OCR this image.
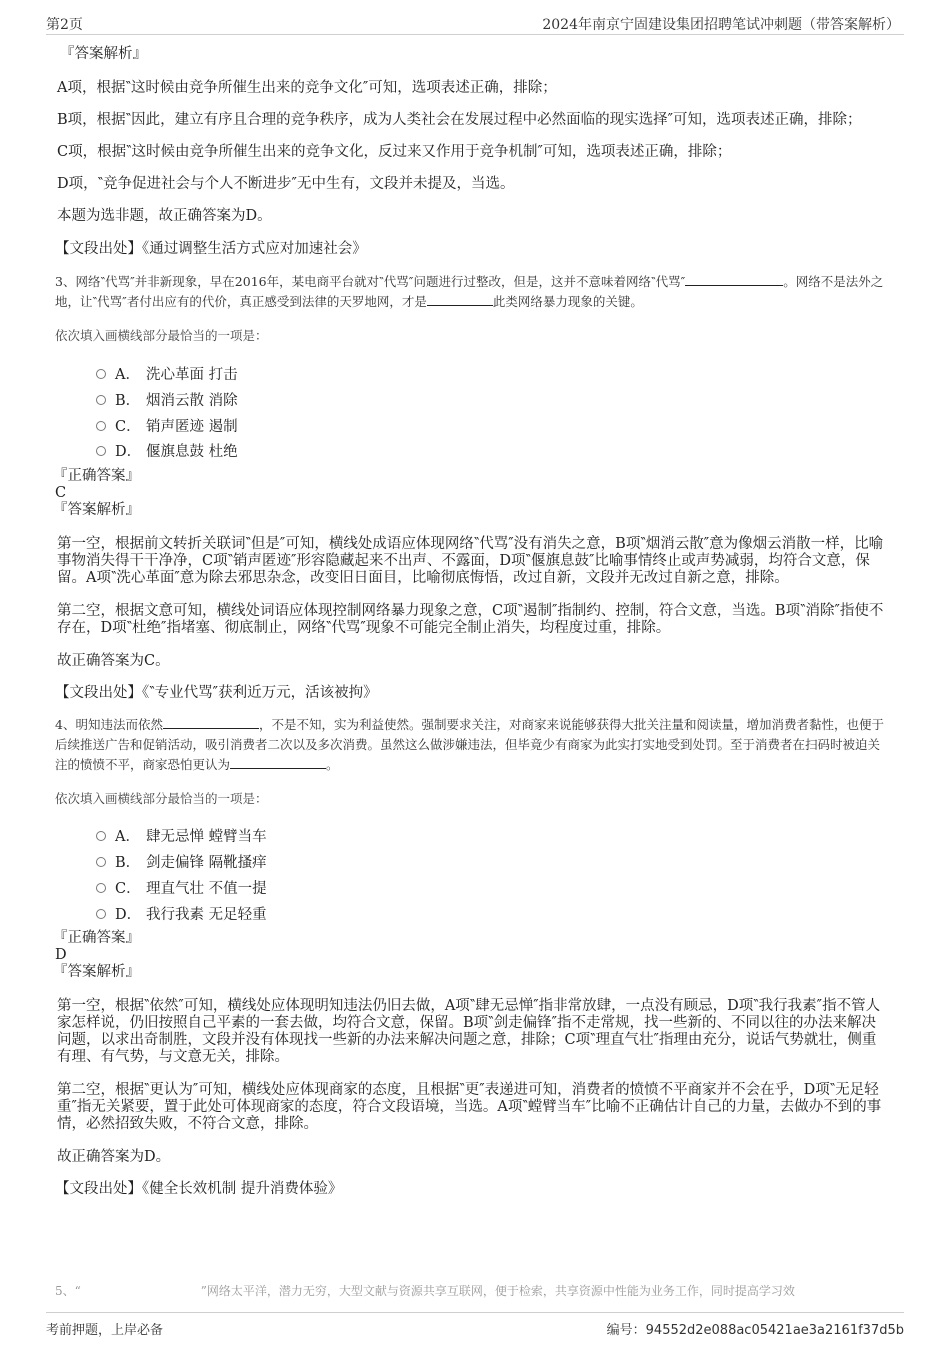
第2页	2024年南京宁固建设集团招聘笔试冲刺题（带答案解析）
『答案解析』
A项，根据‶这时候由竞争所催生出来的竞争文化″可知，选项表述正确，排除；
B项，根据‶因此，建立有序且合理的竞争秩序，成为人类社会在发展过程中必然面临的现实选择″可知，选项表述正确，排除；
C项，根据‶这时候由竞争所催生出来的竞争文化，反过来又作用于竞争机制″可知，选项表述正确，排除；
D项，‶竞争促进社会与个人不断进步″无中生有，文段并未提及，当选。
本题为选非题，故正确答案为D。
【文段出处】《通过调整生活方式应对加速社会》

3、网络‶代骂″并非新现象，早在2016年，某电商平台就对‶代骂″问题进行过整改，但是，这并不意味着网络‶代骂″	。网络不是法外之地，让‶代骂″者付出应有的代价，真正感受到法律的天罗地网，才是	此类网络暴力现象的关键。

依次填入画横线部分最恰当的一项是：

A． 洗心革面 打击
B． 烟消云散 消除
C． 销声匿迹 遏制
D． 偃旗息鼓 杜绝

『正确答案』

C

『答案解析』

第一空，根据前文转折关联词‶但是″可知，横线处成语应体现网络‶代骂″没有消失之意，B项‶烟消云散″意为像烟云消散一样，比喻事物消失得干干净净，C项‶销声匿迹″形容隐藏起来不出声、不露面，D项‶偃旗息鼓″比喻事情终止或声势减弱，均符合文意，保留。A项‶洗心革面″意为除去邪思杂念，改变旧日面目，比喻彻底悔悟，改过自新，文段并无改过自新之意，排除。
第二空，根据文意可知，横线处词语应体现控制网络暴力现象之意，C项‶遏制″指制约、控制，符合文意，当选。B项‶消除″指使不存在，D项‶杜绝″指堵塞、彻底制止，网络‶代骂″现象不可能完全制止消失，均程度过重，排除。
故正确答案为C。
【文段出处】《‶专业代骂″获利近万元，活该被拘》

4、明知违法而依然	，不是不知，实为利益使然。强制要求关注，对商家来说能够获得大批关注量和阅读量，增加消费者黏性，也便于后续推送广告和促销活动，吸引消费者二次以及多次消费。虽然这么做涉嫌违法，但毕竟少有商家为此实打实地受到处罚。至于消费者在扫码时被迫关注的愤愤不平，商家恐怕更认为	。

依次填入画横线部分最恰当的一项是：

A． 肆无忌惮 螳臂当车
B． 剑走偏锋 隔靴搔痒
C． 理直气壮 不值一提
D． 我行我素 无足轻重

『正确答案』

D

『答案解析』

第一空，根据‶依然″可知，横线处应体现明知违法仍旧去做，A项‶肆无忌惮″指非常放肆，一点没有顾忌，D项‶我行我素″指不管人家怎样说，仍旧按照自己平素的一套去做，均符合文意，保留。B项‶剑走偏锋″指不走常规，找一些新的、不同以往的办法来解决问题，以求出奇制胜，文段并没有体现找一些新的办法来解决问题之意，排除；C项‶理直气壮″指理由充分，说话气势就壮，侧重有理、有气势，与文意无关，排除。
第二空，根据‶更认为″可知，横线处应体现商家的态度，且根据‶更″表递进可知，消费者的愤愤不平商家并不会在乎，D项‶无足轻重″指无关紧要，置于此处可体现商家的态度，符合文段语境，当选。A项‶螳臂当车″比喻不正确估计自己的力量，去做办不到的事情，必然招致失败，不符合文意，排除。
故正确答案为D。
【文段出处】《健全长效机制 提升消费体验》
5、“　　　　　　　　　　”网络太平洋，潜力无穷，大型文献与资源共享互联网，便于检索，共享资源中性能为业务工作，同时提高学习效
考前押题，上岸必备	编号：94552d2e088ac05421ae3a2161f37d5b
